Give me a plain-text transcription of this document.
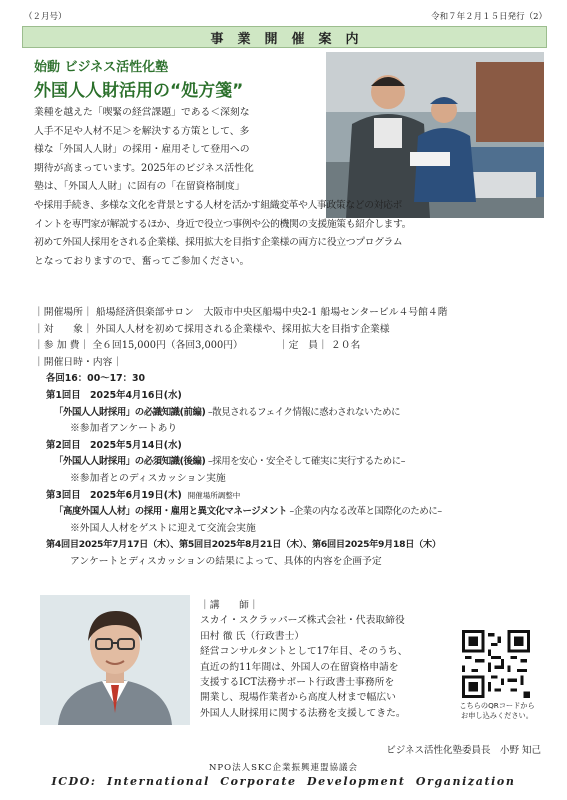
（２月号）	令和７年２月１５日発行（2）
事業開催案内
始動 ビジネス活性化塾
外国人人財活用の“処方箋”
業種を越えた「喫緊の経営課題」である＜深刻な
人手不足や人材不足＞を解決する方策として、多
様な「外国人人財」の採用・雇用そして登用への
期待が高まっています。2025年のビジネス活性化
塾は、「外国人人財」に固有の「在留資格制度」
や採用手続き、多様な文化を背景とする人材を活かす組織変革や人事政策などの対応ポ
イントを専門家が解説するほか、身近で役立つ事例や公的機関の支援施策も紹介します。
初めて外国人採用をされる企業様、採用拡大を目指す企業様の両方に役立つプログラム
となっておりますので、奮ってご参加ください。
｜開催場所｜ 船場経済倶楽部サロン　大阪市中央区船場中央2-1 船場センタービル４号館４階
｜対　　象｜ 外国人人材を初めて採用される企業様や、採用拡大を目指す企業様
｜参 加 費｜ 全６回15,000円（各回3,000円）	｜定　員｜ ２０名
｜開催日時・内容｜
各回16：00～17：30
第1回目　2025年4月16日(水)
「外国人人財採用」の必識知識(前編) –散見されるフェイク情報に惑わされないために
※参加者アンケートあり
第2回目　2025年5月14日(水)
「外国人人財採用」の必須知識(後編) –採用を安心・安全そして確実に実行するために–
※参加者とのディスカッション実施
第3回目　2025年6月19日(木) 開催場所調整中
「高度外国人人材」の採用・雇用と異文化マネージメント –企業の内なる改革と国際化のために–
※外国人人材をゲストに迎えて交流会実施
第4回目2025年7月17日（木）、第5回目2025年8月21日（木）、第6回目2025年9月18日（木）
アンケートとディスカッションの結果によって、具体的内容を企画予定
｜講　　師｜
スカイ・スクラッパーズ株式会社・代表取締役
田村 徹 氏（行政書士）
経営コンサルタントとして17年目、そのうち、
直近の約11年間は、外国人の在留資格申請を
支援するICT法務サポート行政書士事務所を
開業し、現場作業者から高度人材まで幅広い
外国人人財採用に関する法務を支援してきた。
こちらのQRコードから
お申し込みください。
ビジネス活性化塾委員長　小野 知己
NPO法人SKC企業振興連盟協議会
ICDO: International Corporate Development Organization
